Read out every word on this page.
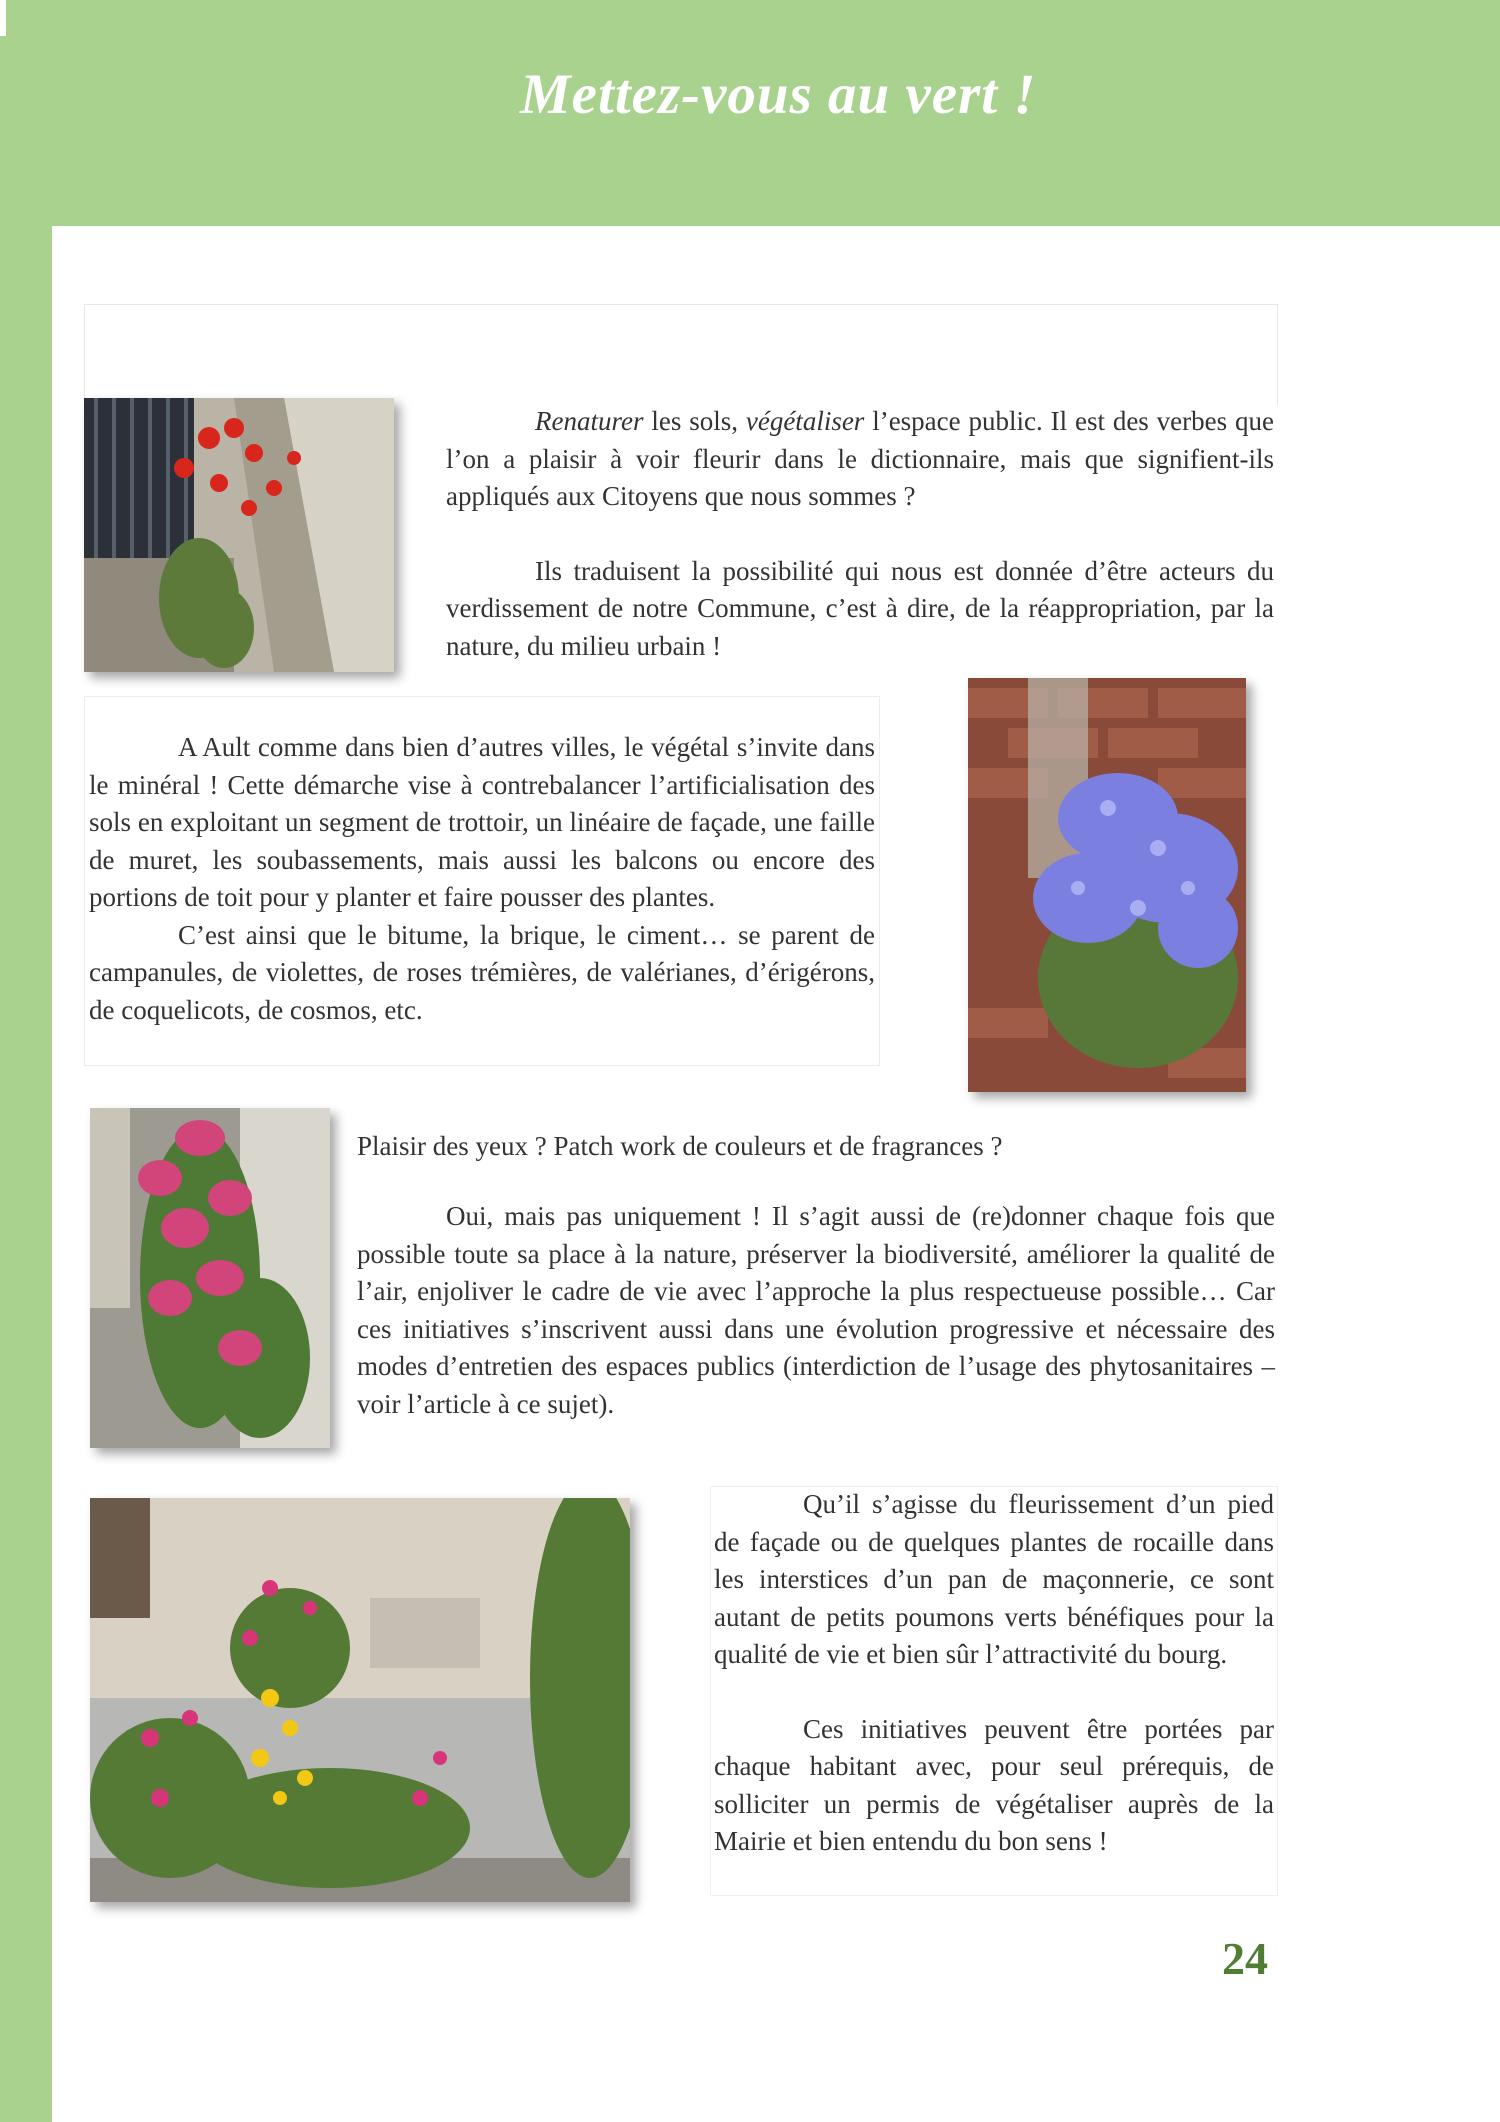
Mettez-vous au vert !

Renaturer les sols, végétaliser l’espace public. Il est des verbes que l’on a plaisir à voir fleurir dans le dictionnaire, mais que signifient-ils appliqués aux Citoyens que nous sommes ?

Ils traduisent la possibilité qui nous est donnée d’être acteurs du verdissement de notre Commune, c’est à dire, de la réappropriation, par la nature, du milieu urbain !

A Ault comme dans bien d’autres villes, le végétal s’invite dans le minéral ! Cette démarche vise à contrebalancer l’artificialisation des sols en exploitant un segment de trottoir, un linéaire de façade, une faille de muret, les soubassements, mais aussi les balcons ou encore des portions de toit pour y planter et faire pousser des plantes.

C’est ainsi que le bitume, la brique, le ciment… se parent de campanules, de violettes, de roses trémières, de valérianes, d’érigérons, de coquelicots, de cosmos, etc.

Plaisir des yeux ? Patch work de couleurs et de fragrances ?

Oui, mais pas uniquement ! Il s’agit aussi de (re)donner chaque fois que possible toute sa place à la nature, préserver la biodiversité, améliorer la qualité de l’air, enjoliver le cadre de vie avec l’approche la plus respectueuse possible… Car ces initiatives s’inscrivent aussi dans une évolution progressive et nécessaire des modes d’entretien des espaces publics (interdiction de l’usage des phytosanitaires – voir l’article à ce sujet).

Qu’il s’agisse du fleurissement d’un pied de façade ou de quelques plantes de rocaille dans les interstices d’un pan de maçonnerie, ce sont autant de petits poumons verts bénéfiques pour la qualité de vie et bien sûr l’attractivité du bourg.

Ces initiatives peuvent être portées par chaque habitant avec, pour seul prérequis, de solliciter un permis de végétaliser auprès de la Mairie et bien entendu du bon sens !

24
